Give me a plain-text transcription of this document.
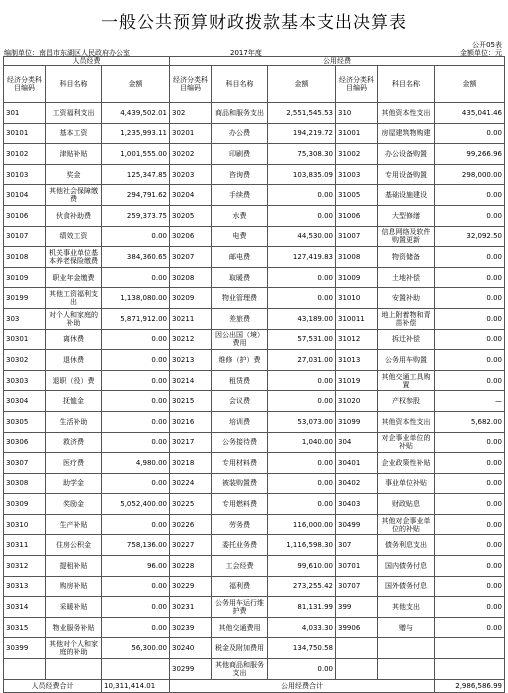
一般公共预算财政拨款基本支出决算表
公开05表
编制单位：南昌市东湖区人民政府办公室	2017年度	金额单位：元
人员经费			公用经费					
经济分类科目编码	科目名称	金额	经济分类科目编码	科目名称	金额	经济分类科目编码	科目名称	金额
301	工资福利支出	4,439,502.01	302	商品和服务支出	2,551,545.53	310	其他资本性支出	435,041.46
30101	基本工资	1,235,993.11	30201	办公费	194,219.72	31001	房屋建筑物购建	0.00
30102	津贴补贴	1,001,555.00	30202	印刷费	75,308.30	31002	办公设备购置	99,266.96
30103	奖金	125,347.85	30203	咨询费	103,835.09	31003	专用设备购置	298,000.00
30104	其他社会保障缴费	294,791.62	30204	手续费	0.00	31005	基础设施建设	0.00
30106	伙食补助费	259,373.75	30205	水费	0.00	31006	大型修缮	0.00
30107	绩效工资	0.00	30206	电费	44,530.00	31007	信息网络及软件购置更新	32,092.50
30108	机关事业单位基本养老保险缴费	384,360.65	30207	邮电费	127,419.83	31008	物资储备	0.00
30109	职业年金缴费	0.00	30208	取暖费	0.00	31009	土地补偿	0.00
30199	其他工资福利支出	1,138,080.00	30209	物业管理费	0.00	31010	安置补助	0.00
303	对个人和家庭的补助	5,871,912.00	30211	差旅费	43,189.00	310011	地上附着物和青苗补偿	0.00
30301	离休费	0.00	30212	因公出国（境）费用	57,531.00	31012	拆迁补偿	0.00
30302	退休费	0.00	30213	维修（护）费	27,031.00	31013	公务用车购置	0.00
30303	退职（役）费	0.00	30214	租赁费	0.00	31019	其他交通工具购置	0.00
30304	抚恤金	0.00	30215	会议费	0.00	31020	产权参股	—
30305	生活补助	0.00	30216	培训费	53,073.00	31099	其他资本性支出	5,682.00
30306	救济费	0.00	30217	公务接待费	1,040.00	304	对企事业单位的补贴	0.00
30307	医疗费	4,980.00	30218	专用材料费	0.00	30401	企业政策性补贴	0.00
30308	助学金	0.00	30224	被装购置费	0.00	30402	事业单位补贴	0.00
30309	奖励金	5,052,400.00	30225	专用燃料费	0.00	30403	财政贴息	0.00
30310	生产补贴	0.00	30226	劳务费	116,000.00	30499	其他对企事业单位的补贴	0.00
30311	住房公积金	758,136.00	30227	委托业务费	1,116,598.30	307	债务利息支出	0.00
30312	提租补贴	96.00	30228	工会经费	99,610.00	30701	国内债务付息	0.00
30313	购房补贴	0.00	30229	福利费	273,255.42	30707	国外债务付息	0.00
30314	采暖补贴	0.00	30231	公务用车运行维护费	81,131.99	399	其他支出	0.00
30315	物业服务补贴	0.00	30239	其他交通费用	4,033.30	39906	赠与	0.00
30399	其他对个人和家庭的补助	56,300.00	30240	税金及附加费用	134,750.58			
			30299	其他商品和服务支出	0.00			
人员经费合计		10,311,414.01	公用经费合计					2,986,586.99
